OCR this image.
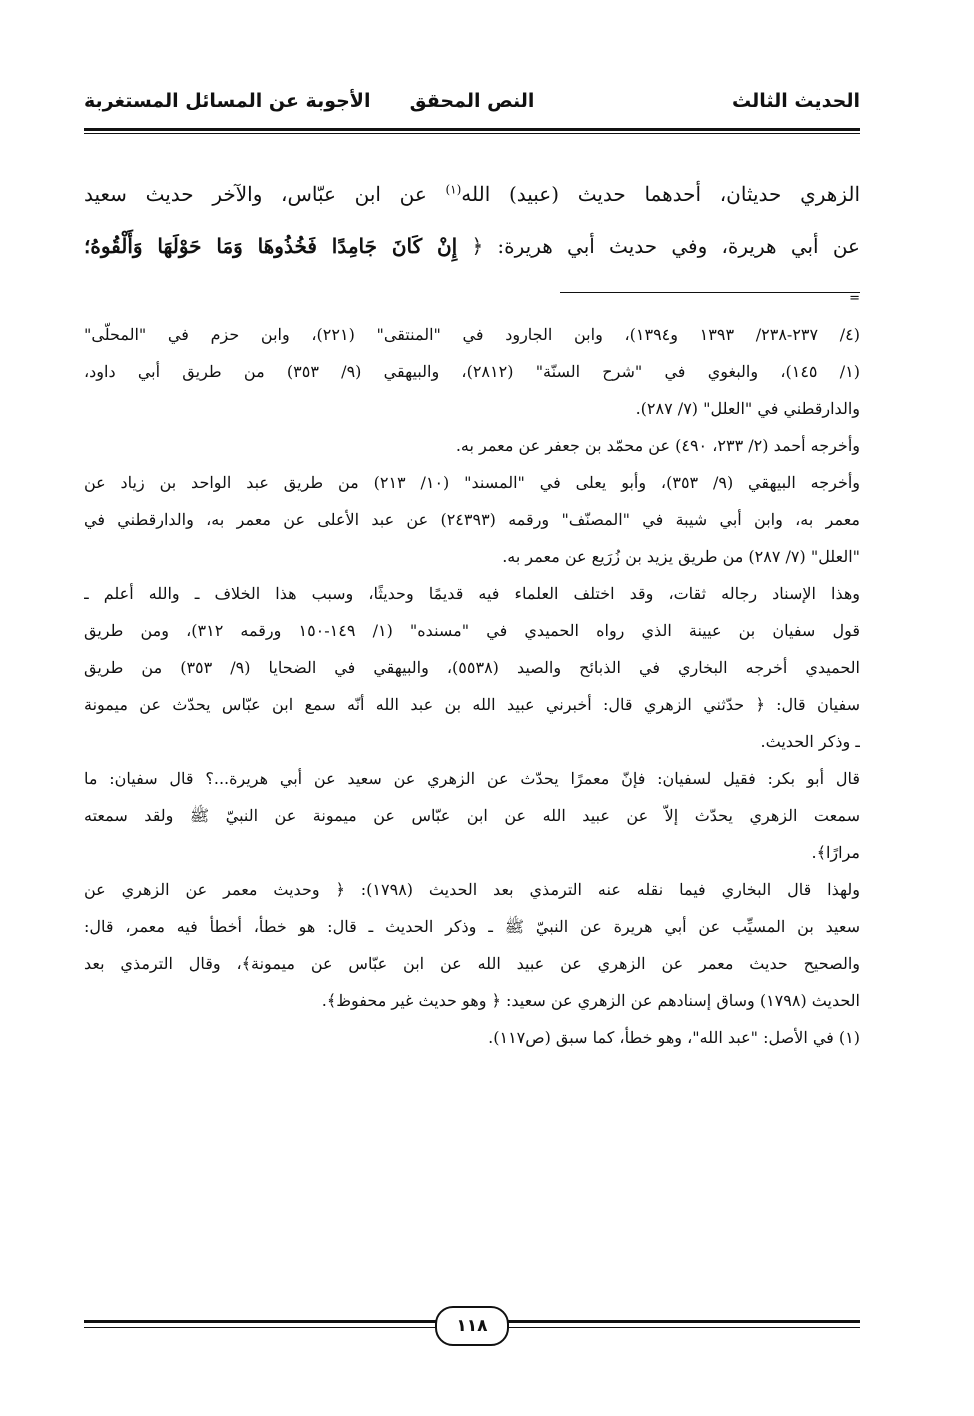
الحديث الثالث
النص المحقق
الأجوبة عن المسائل المستغربة

الزهري حديثان، أحدهما حديث (عبيد) الله$^{(١)}$ عن ابن عبّاس، والآخر حديث سعيد

عن أبي هريرة، وفي حديث أبي هريرة: ﴿ إِنْ كَانَ جَامِدًا فَخُذُوهَا وَمَا حَوْلَهَا وَأَلْقُوهُ؛

=

(٤/ ٢٣٧-٢٣٨/ ١٣٩٣ و١٣٩٤)، وابن الجارود في "المنتقى" (٢٢١)، وابن حزم في "المحلّى"

(١/ ١٤٥)، والبغوي في "شرح السنّة" (٢٨١٢)، والبيهقي (٩/ ٣٥٣) من طريق أبي داود،

والدارقطني في "العلل" (٧/ ٢٨٧).

وأخرجه أحمد (٢/ ٢٣٣، ٤٩٠) عن محمّد بن جعفر عن معمر به.

وأخرجه البيهقي (٩/ ٣٥٣)، وأبو يعلى في "المسند" (١٠/ ٢١٣) من طريق عبد الواحد بن زياد عن

معمر به، وابن أبي شيبة في "المصنّف" ورقمه (٢٤٣٩٣) عن عبد الأعلى عن معمر به، والدارقطني في

"العلل" (٧/ ٢٨٧) من طريق يزيد بن زُرَيع عن معمر به.

وهذا الإسناد رجاله ثقات، وقد اختلف العلماء فيه قديمًا وحديثًا، وسبب هذا الخلاف ـ والله أعلم ـ

قول سفيان بن عيينة الذي رواه الحميدي في "مسنده" (١/ ١٤٩-١٥٠ ورقمه ٣١٢)، ومن طريق

الحميدي أخرجه البخاري في الذبائح والصيد (٥٥٣٨)، والبيهقي في الضحايا (٩/ ٣٥٣) من طريق

سفيان قال: ﴿ حدّثني الزهري قال: أخبرني عبيد الله بن عبد الله أنّه سمع ابن عبّاس يحدّث عن ميمونة

ـ وذكر الحديث.

قال أبو بكر: فقيل لسفيان: فإنّ معمرًا يحدّث عن الزهري عن سعيد عن أبي هريرة...؟ قال سفيان: ما

سمعت الزهري يحدّث إلاّ عن عبيد الله عن ابن عبّاس عن ميمونة عن النبيّ ﷺ ولقد سمعته

مرارًا﴾.

ولهذا قال البخاري فيما نقله عنه الترمذي بعد الحديث (١٧٩٨): ﴿ وحديث معمر عن الزهري عن

سعيد بن المسيِّب عن أبي هريرة عن النبيّ ﷺ ـ وذكر الحديث ـ قال: هو خطأ، أخطأ فيه معمر، قال:

والصحيح حديث معمر عن الزهري عن عبيد الله عن ابن عبّاس عن ميمونة﴾، وقال الترمذي بعد

الحديث (١٧٩٨) وساق إسنادهم عن الزهري عن سعيد: ﴿ وهو حديث غير محفوظ﴾.

(١) في الأصل: "عبد الله"، وهو خطأ، كما سبق (ص١١٧).

١١٨
